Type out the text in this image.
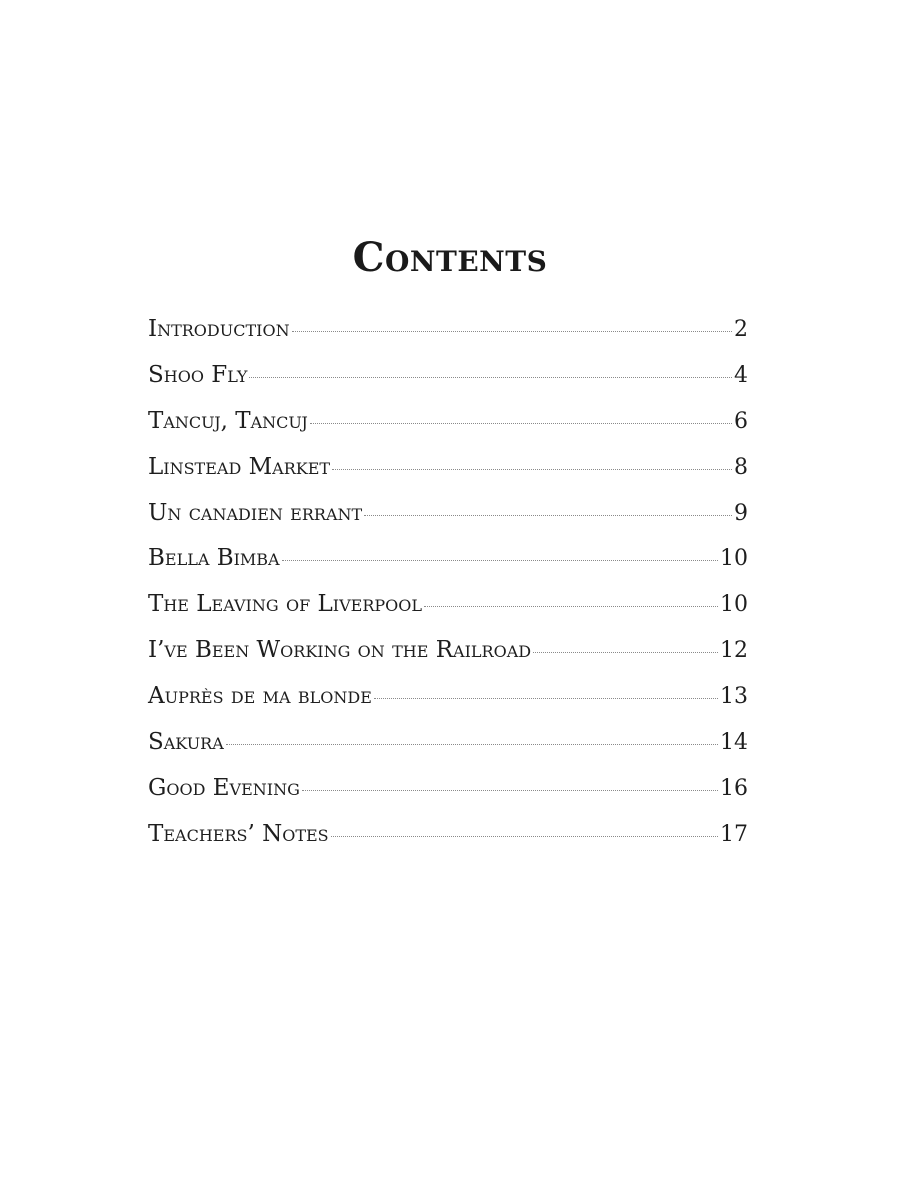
Contents
Introduction	2
Shoo Fly	4
Tancuj, Tancuj	6
Linstead Market	8
Un canadien errant	9
Bella Bimba	10
The Leaving of Liverpool	10
I’ve Been Working on the Railroad	12
Auprès de ma blonde	13
Sakura	14
Good Evening	16
Teachers’ Notes	17
